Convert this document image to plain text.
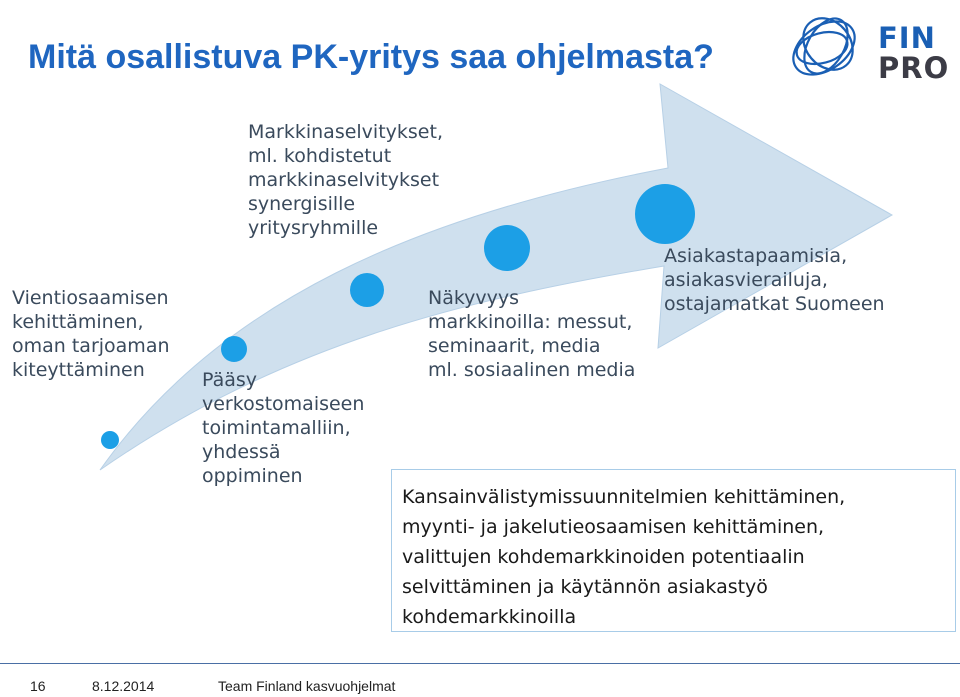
Mitä osallistuva PK-yritys saa ohjelmasta?	FIN
PRO
Vientiosaamisen
kehittäminen,
oman tarjoaman
kiteyttäminen	Pääsy
verkostomaiseen
toimintamalliin,
yhdessä
oppiminen
Markkinaselvitykset,
ml. kohdistetut
markkinaselvitykset
synergisille
yritysryhmille
Näkyvyys
markkinoilla: messut,
seminaarit, media
ml. sosiaalinen media
Asiakastapaamisia,
asiakasvierailuja,
ostajamatkat Suomeen
Kansainvälistymissuunnitelmien kehittäminen,
myynti- ja jakelutieosaamisen kehittäminen,
valittujen kohdemarkkinoiden potentiaalin
selvittäminen ja käytännön asiakastyö
kohdemarkkinoilla
16	8.12.2014	Team Finland kasvuohjelmat
